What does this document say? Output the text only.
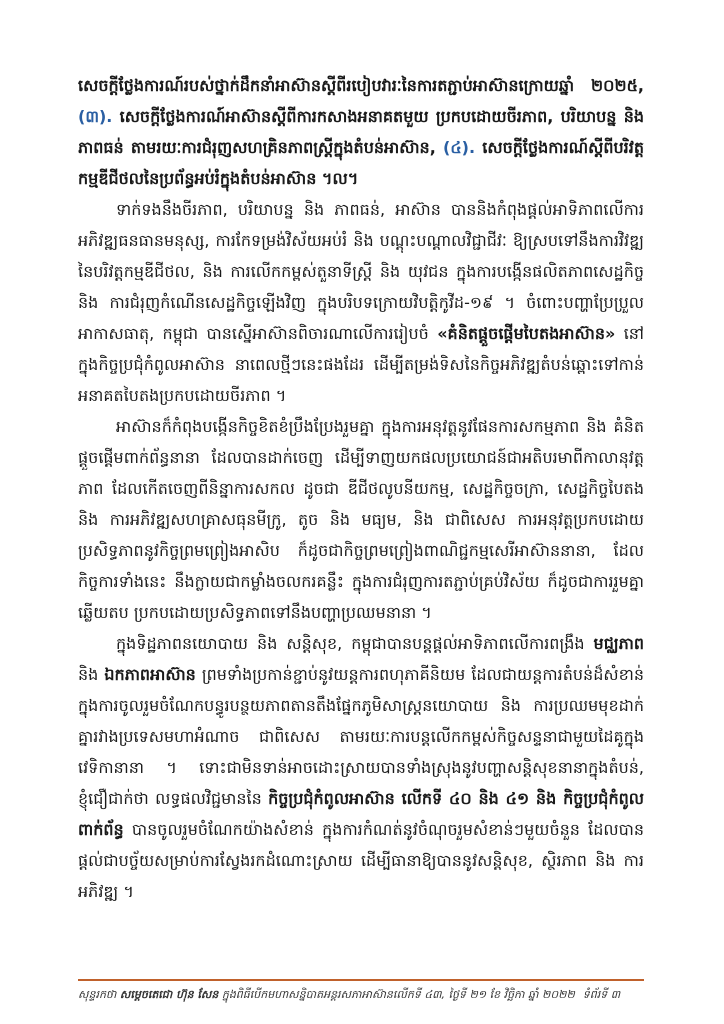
សេចក្តីថ្លែងការណ៍របស់ថ្នាក់ដឹកនាំអាស៊ានស្តីពីរបៀបវារៈនៃការតភ្ជាប់អាស៊ានក្រោយឆ្នាំ ២០២៥, (៣). សេចក្តីថ្លែងការណ៍អាស៊ានស្តីពីការកសាងអនាគតមួយ ប្រកបដោយចីរភាព, បរិយាបន្ន និង ភាពធន់ តាមរយៈការជំរុញសហគ្រិនភាពស្ត្រីក្នុងតំបន់អាស៊ាន, (៤). សេចក្តីថ្លែងការណ៍ស្តីពីបរិវត្តកម្មឌីជីថលនៃប្រព័ន្ធអប់រំក្នុងតំបន់អាស៊ាន ។ល។

ទាក់ទងនឹងចីរភាព, បរិយាបន្ន និង ភាពធន់, អាស៊ាន បាននិងកំពុងផ្តល់អាទិភាពលើការអភិវឌ្ឍធនធានមនុស្ស, ការកែទម្រង់វិស័យអប់រំ និង បណ្តុះបណ្តាលវិជ្ជាជីវៈ ឱ្យស្របទៅនឹងការវិវឌ្ឍនៃបរិវត្តកម្មឌីជីថល, និង ការលើកកម្ពស់តួនាទីស្ត្រី និង យុវជន ក្នុងការបង្កើនផលិតភាពសេដ្ឋកិច្ច និង ការជំរុញកំណើនសេដ្ឋកិច្ចឡើងវិញ ក្នុងបរិបទក្រោយវិបត្តិកូវីដ-១៩ ។ ចំពោះបញ្ហាប្រែប្រួលអាកាសធាតុ, កម្ពុជា បានស្នើអាស៊ានពិចារណាលើការរៀបចំ «គំនិតផ្តួចផ្តើមបៃតងអាស៊ាន» នៅក្នុងកិច្ចប្រជុំកំពូលអាស៊ាន នាពេលថ្មីៗនេះផងដែរ ដើម្បីតម្រង់ទិសនៃកិច្ចអភិវឌ្ឍតំបន់ឆ្ពោះទៅកាន់អនាគតបៃតងប្រកបដោយចីរភាព ។

អាស៊ានក៏កំពុងបង្កើនកិច្ចខិតខំប្រឹងប្រែងរួមគ្នា ក្នុងការអនុវត្តនូវផែនការសកម្មភាព និង គំនិតផ្តួចផ្តើមពាក់ព័ន្ធនានា ដែលបានដាក់ចេញ ដើម្បីទាញយកផលប្រយោជន៍ជាអតិបរមាពីកាលានុវត្តភាព ដែលកើតចេញពីនិន្នាការសកល ដូចជា ឌីជីថលូបនីយកម្ម, សេដ្ឋកិច្ចចក្រា, សេដ្ឋកិច្ចបៃតង និង ការអភិវឌ្ឍសហគ្រាសធុនមីក្រូ, តូច និង មធ្យម, និង ជាពិសេស ការអនុវត្តប្រកបដោយប្រសិទ្ធភាពនូវកិច្ចព្រមព្រៀងអាសិប ក៏ដូចជាកិច្ចព្រមព្រៀងពាណិជ្ជកម្មសេរីអាស៊ាននានា, ដែលកិច្ចការទាំងនេះ នឹងក្លាយជាកម្លាំងចលករគន្លឹះ ក្នុងការជំរុញការតភ្ជាប់គ្រប់វិស័យ ក៏ដូចជាការរួមគ្នាឆ្លើយតប ប្រកបដោយប្រសិទ្ធភាពទៅនឹងបញ្ហាប្រឈមនានា ។

ក្នុងទិដ្ឋភាពនយោបាយ និង សន្តិសុខ, កម្ពុជាបានបន្តផ្តល់អាទិភាពលើការពង្រឹង មជ្ឈភាព និង ឯកភាពអាស៊ាន ព្រមទាំងប្រកាន់ខ្ជាប់នូវយន្តការពហុភាគីនិយម ដែលជាយន្តការតំបន់ដ៏សំខាន់ ក្នុងការចូលរួមចំណែកបន្ធូរបន្ថយភាពតានតឹងផ្នែកភូមិសាស្ត្រនយោបាយ និង ការប្រឈមមុខដាក់គ្នារវាងប្រទេសមហាអំណាច ជាពិសេស តាមរយៈការបន្តលើកកម្ពស់កិច្ចសន្ទនាជាមួយដៃគូក្នុងវេទិកានានា ។ ទោះជាមិនទាន់អាចដោះស្រាយបានទាំងស្រុងនូវបញ្ហាសន្តិសុខនានាក្នុងតំបន់, ខ្ញុំជឿជាក់ថា លទ្ធផលវិជ្ជមាននៃ កិច្ចប្រជុំកំពូលអាស៊ាន លើកទី ៤០ និង ៤១ និង កិច្ចប្រជុំកំពូលពាក់ព័ន្ធ បានចូលរួមចំណែកយ៉ាងសំខាន់ ក្នុងការកំណត់នូវចំណុចរួមសំខាន់ៗមួយចំនួន ដែលបានផ្តល់ជាបច្ច័យសម្រាប់ការស្វែងរកដំណោះស្រាយ ដើម្បីធានាឱ្យបាននូវសន្តិសុខ, ស្ថិរភាព និង ការអភិវឌ្ឍ ។

សុន្ទរកថា សម្តេចតេជោ ហ៊ុន សែន ក្នុងពិធីបើកមហាសន្និបាតអន្តរសភាអាស៊ានលើកទី ៤៣, ថ្ងៃទី ២១ ខែ វិច្ឆិកា ឆ្នាំ ២០២២ ទំព័រទី ៣
